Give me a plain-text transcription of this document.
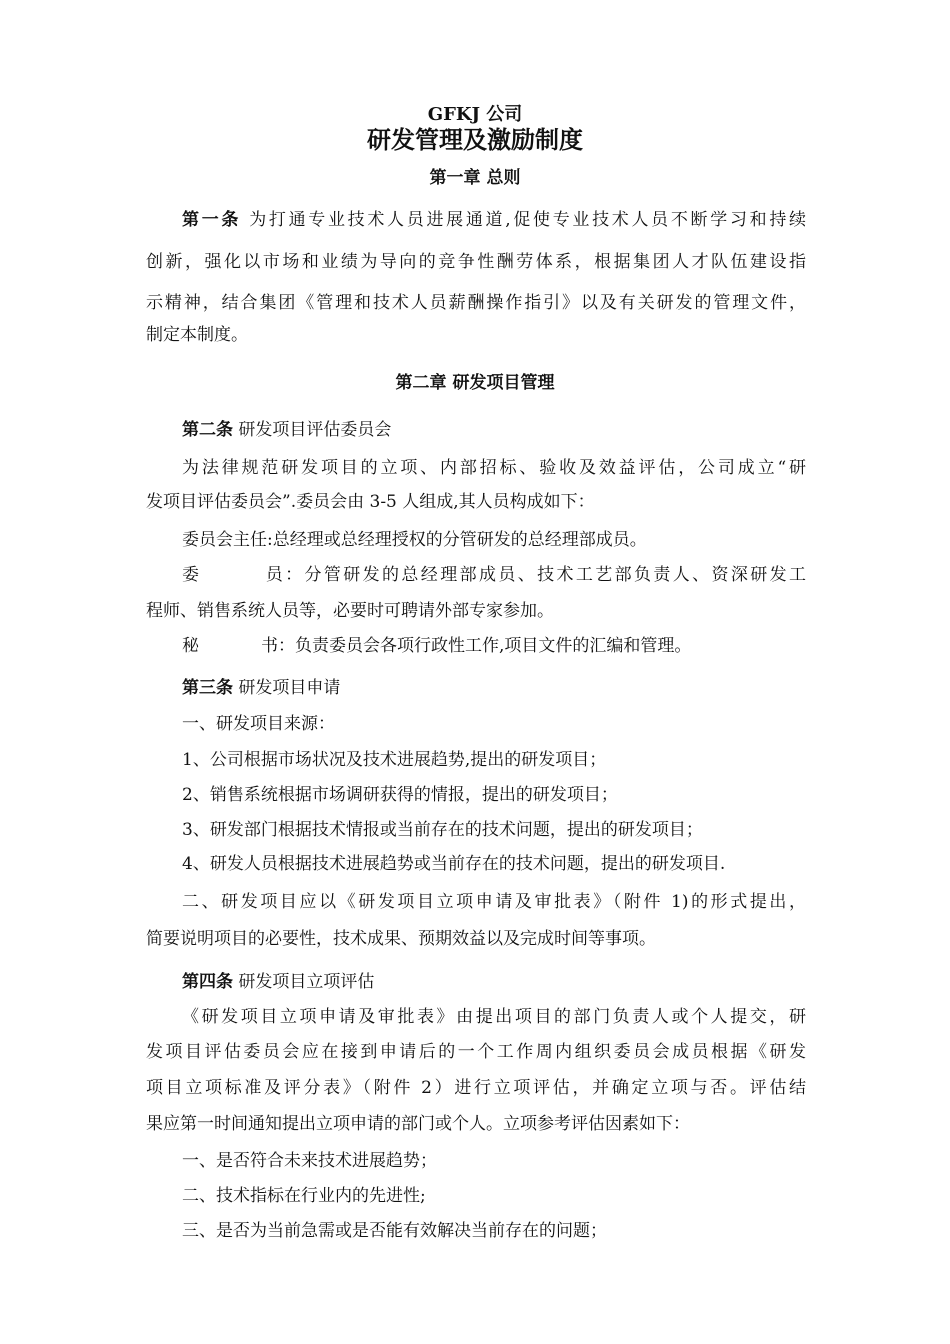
GFKJ 公司
研发管理及激励制度
第一章 总则
第一条 为打通专业技术人员进展通道,促使专业技术人员不断学习和持续
创新，强化以市场和业绩为导向的竞争性酬劳体系，根据集团人才队伍建设指
示精神，结合集团《管理和技术人员薪酬操作指引》以及有关研发的管理文件，
制定本制度。
第二章 研发项目管理
第二条 研发项目评估委员会
为法律规范研发项目的立项、内部招标、验收及效益评估，公司成立“研
发项目评估委员会”.委员会由 3-5 人组成,其人员构成如下：
委员会主任:总经理或总经理授权的分管研发的总经理部成员。
委	员：分管研发的总经理部成员、技术工艺部负责人、资深研发工
程师、销售系统人员等，必要时可聘请外部专家参加。
秘	书：负责委员会各项行政性工作,项目文件的汇编和管理。
第三条 研发项目申请
一、研发项目来源：
1、公司根据市场状况及技术进展趋势,提出的研发项目；
2、销售系统根据市场调研获得的情报，提出的研发项目；
3、研发部门根据技术情报或当前存在的技术问题，提出的研发项目；
4、研发人员根据技术进展趋势或当前存在的技术问题，提出的研发项目.
二、研发项目应以《研发项目立项申请及审批表》（附件 1)的形式提出，
简要说明项目的必要性，技术成果、预期效益以及完成时间等事项。
第四条 研发项目立项评估
《研发项目立项申请及审批表》由提出项目的部门负责人或个人提交，研
发项目评估委员会应在接到申请后的一个工作周内组织委员会成员根据《研发
项目立项标准及评分表》（附件 2）进行立项评估，并确定立项与否。评估结
果应第一时间通知提出立项申请的部门或个人。立项参考评估因素如下：
一、是否符合未来技术进展趋势；
二、技术指标在行业内的先进性;
三、是否为当前急需或是否能有效解决当前存在的问题；
